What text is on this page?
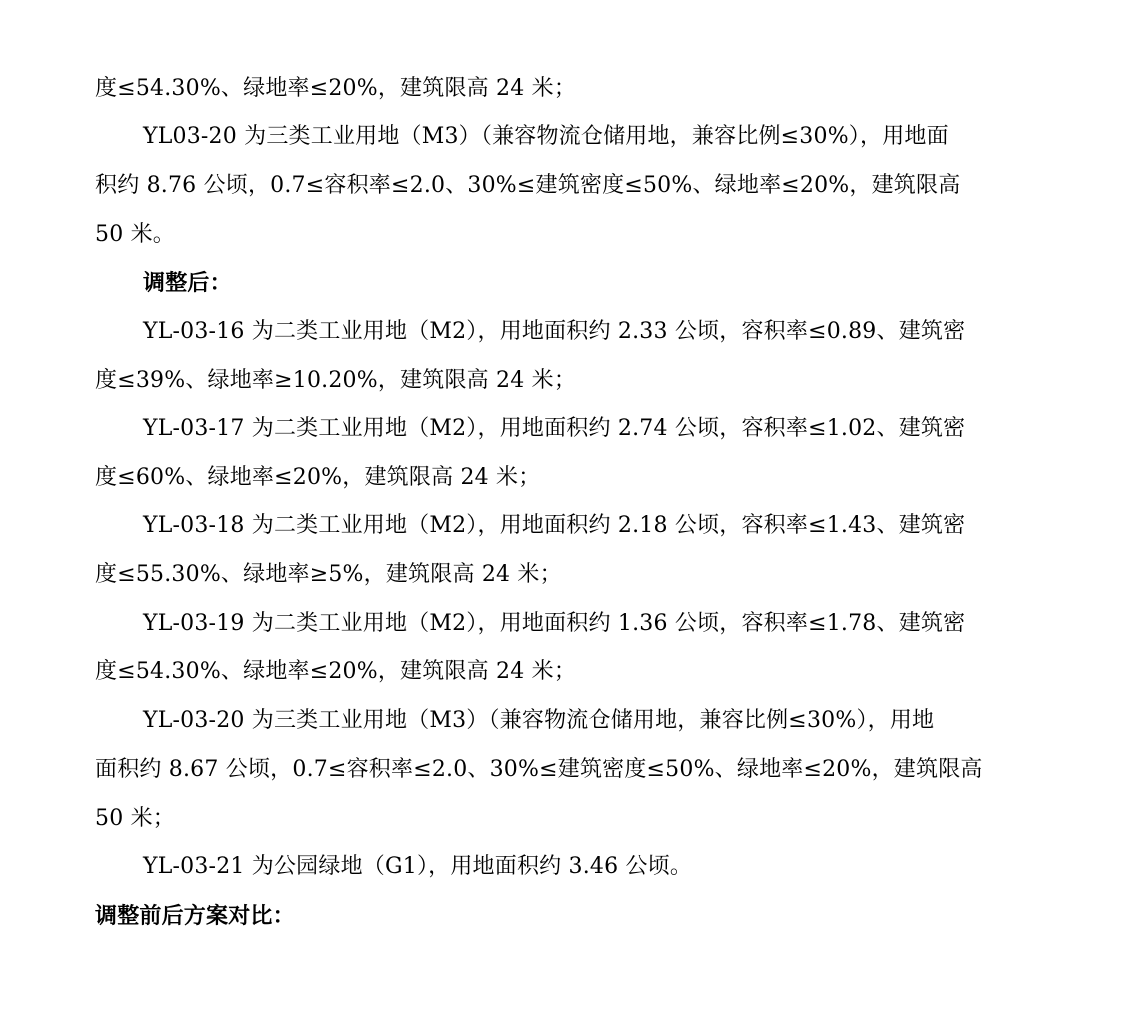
度≤54.30%、绿地率≤20%，建筑限高 24 米；
YL03-20 为三类工业用地（M3）（兼容物流仓储用地，兼容比例≤30%），用地面
积约 8.76 公顷，0.7≤容积率≤2.0、30%≤建筑密度≤50%、绿地率≤20%，建筑限高
50 米。
调整后：
YL-03-16 为二类工业用地（M2），用地面积约 2.33 公顷，容积率≤0.89、建筑密
度≤39%、绿地率≥10.20%，建筑限高 24 米；
YL-03-17 为二类工业用地（M2），用地面积约 2.74 公顷，容积率≤1.02、建筑密
度≤60%、绿地率≤20%，建筑限高 24 米；
YL-03-18 为二类工业用地（M2），用地面积约 2.18 公顷，容积率≤1.43、建筑密
度≤55.30%、绿地率≥5%，建筑限高 24 米；
YL-03-19 为二类工业用地（M2），用地面积约 1.36 公顷，容积率≤1.78、建筑密
度≤54.30%、绿地率≤20%，建筑限高 24 米；
YL-03-20 为三类工业用地（M3）（兼容物流仓储用地，兼容比例≤30%），用地
面积约 8.67 公顷，0.7≤容积率≤2.0、30%≤建筑密度≤50%、绿地率≤20%，建筑限高
50 米；
YL-03-21 为公园绿地（G1），用地面积约 3.46 公顷。
调整前后方案对比：
